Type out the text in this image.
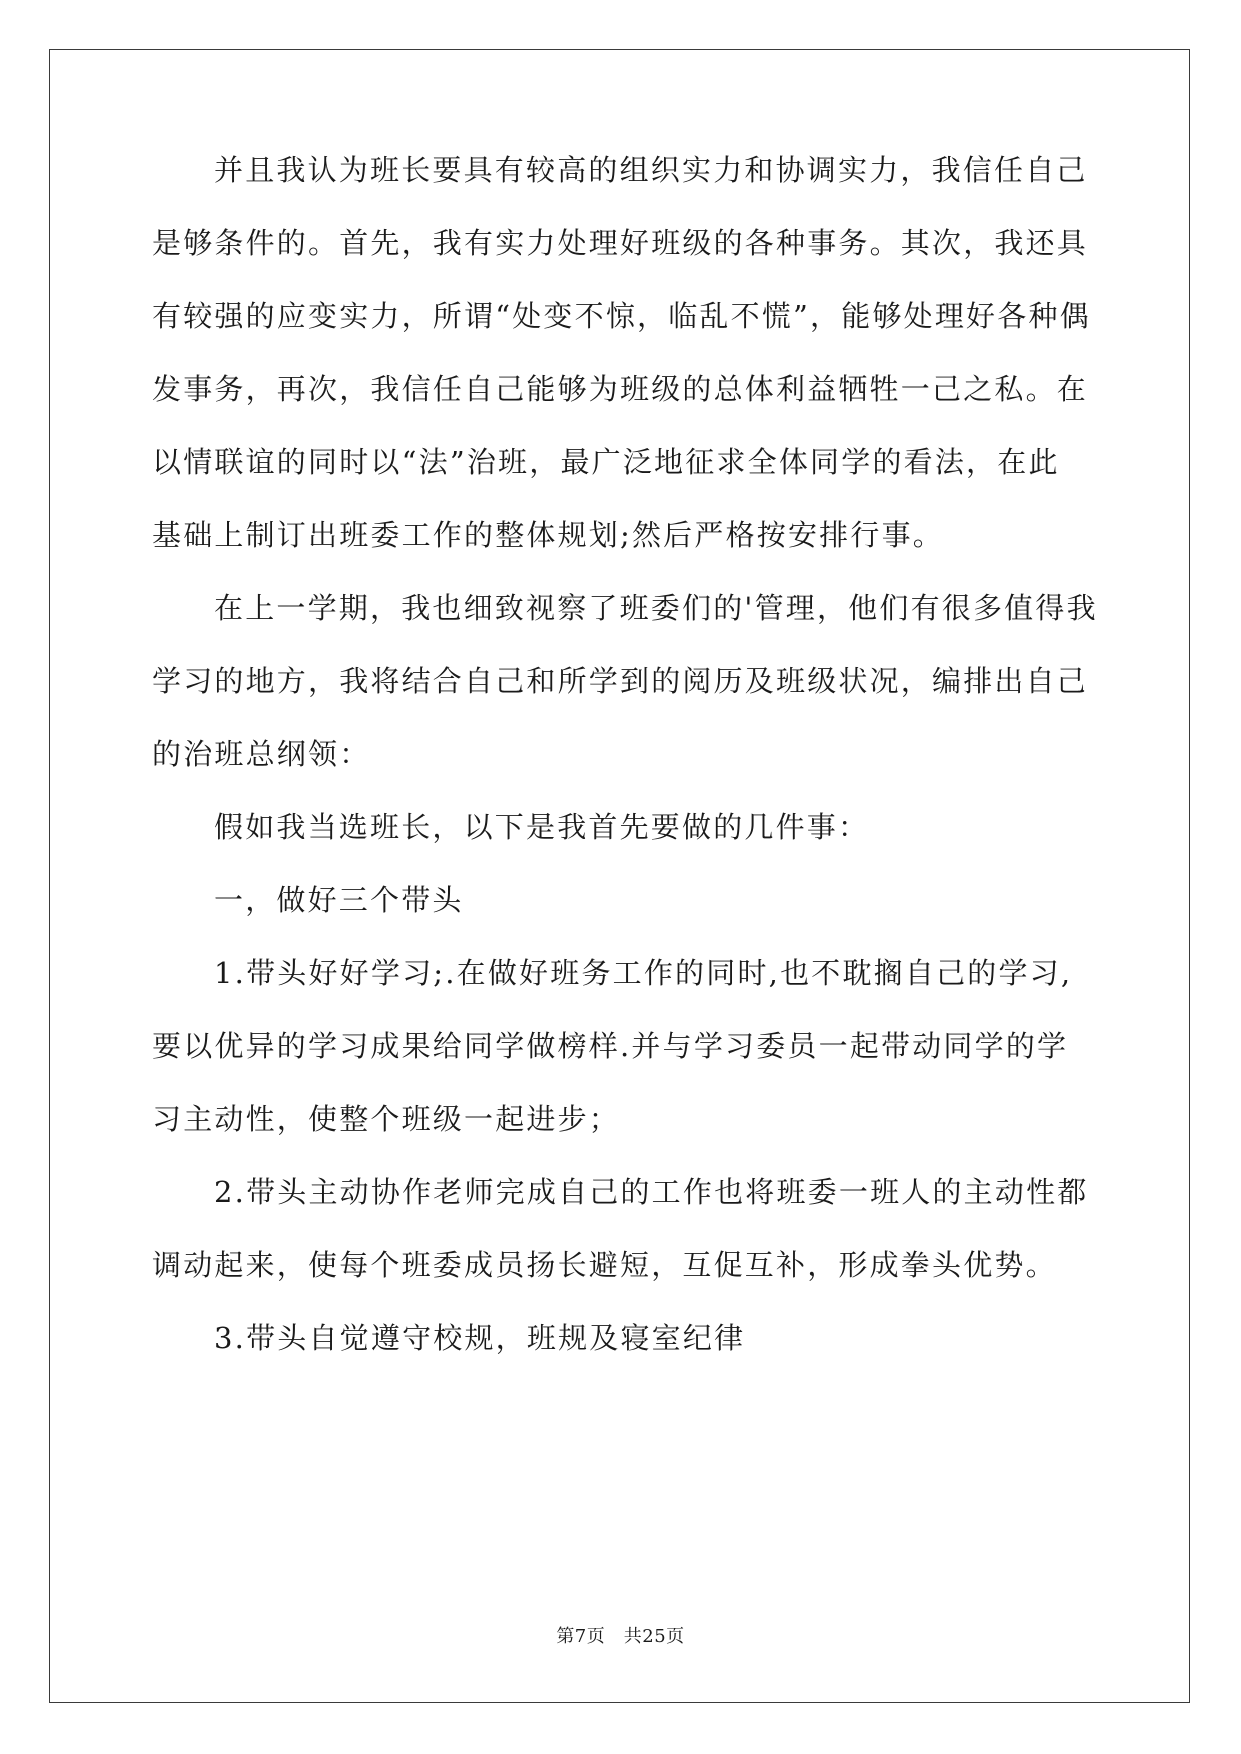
并且我认为班长要具有较高的组织实力和协调实力，我信任自己
是够条件的。首先，我有实力处理好班级的各种事务。其次，我还具
有较强的应变实力，所谓“处变不惊，临乱不慌”，能够处理好各种偶
发事务，再次，我信任自己能够为班级的总体利益牺牲一己之私。在
以情联谊的同时以“法”治班，最广泛地征求全体同学的看法，在此
基础上制订出班委工作的整体规划;然后严格按安排行事。
在上一学期，我也细致视察了班委们的'管理，他们有很多值得我
学习的地方，我将结合自己和所学到的阅历及班级状况，编排出自己
的治班总纲领：
假如我当选班长，以下是我首先要做的几件事：
一，做好三个带头
1.带头好好学习;.在做好班务工作的同时,也不耽搁自己的学习,
要以优异的学习成果给同学做榜样.并与学习委员一起带动同学的学
习主动性，使整个班级一起进步；
2.带头主动协作老师完成自己的工作也将班委一班人的主动性都
调动起来，使每个班委成员扬长避短，互促互补，形成拳头优势。
3.带头自觉遵守校规，班规及寝室纪律
第7页　共25页
